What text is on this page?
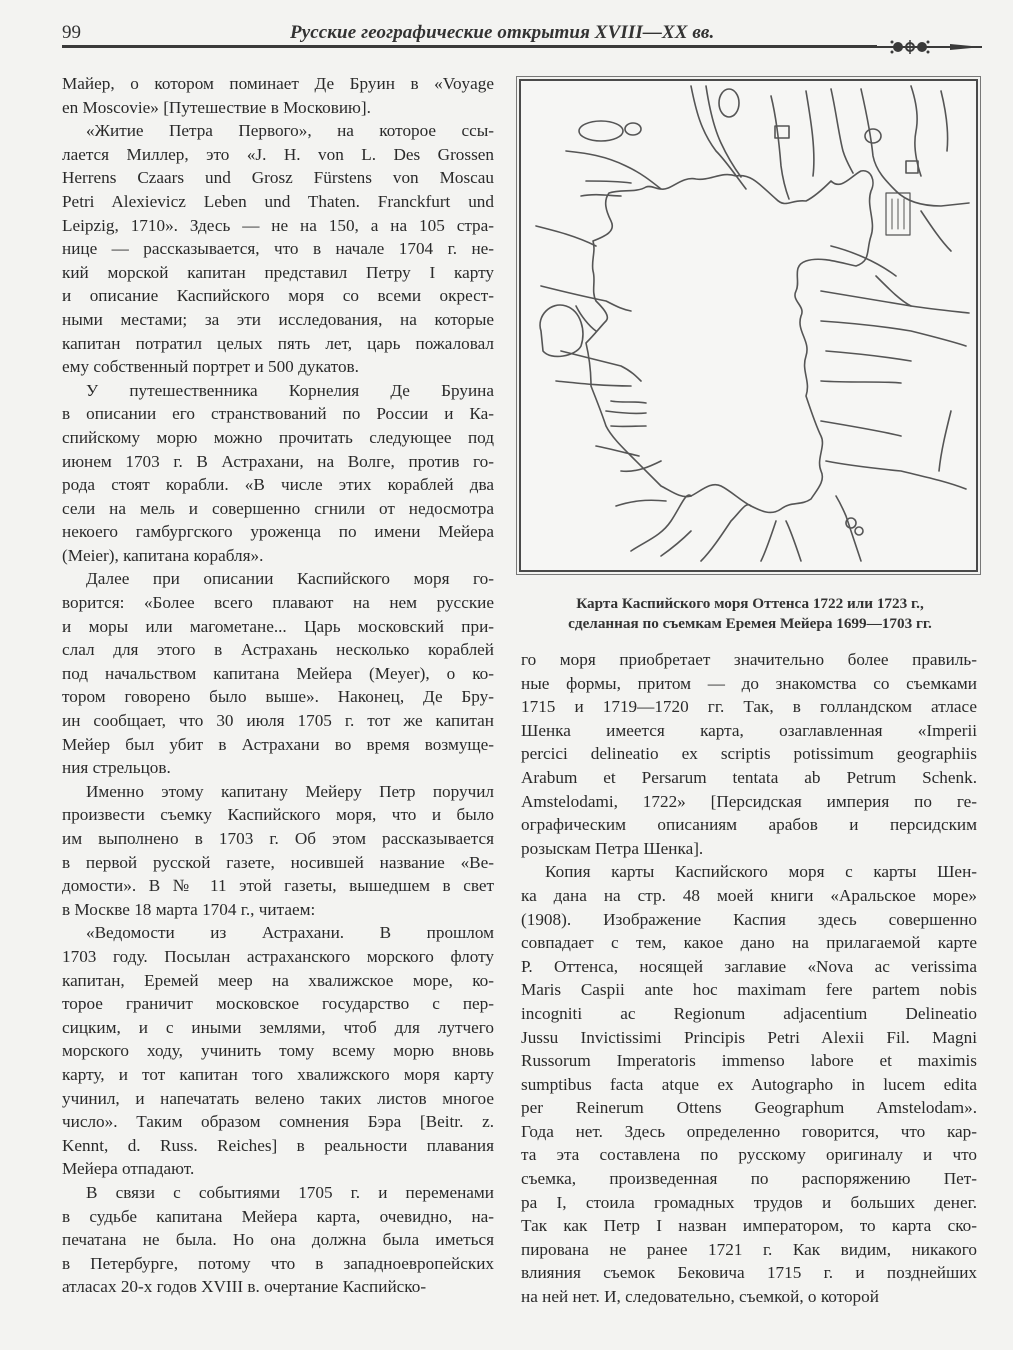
99	Русские географические открытия XVIII—XX вв.

Майер, о котором поминает Де Бруин в «Voyage
en Moscovie» [Путешествие в Московию].

«Житие Петра Первого», на которое ссы-
лается Миллер, это «J. H. von L. Des Grossen
Herrens Czaars und Grosz Fürstens von Moscau
Petri Alexievicz Leben und Thaten. Franckfurt und
Leipzig, 1710». Здесь — не на 150, а на 105 стра-
нице — рассказывается, что в начале 1704 г. не-
кий морской капитан представил Петру I карту
и описание Каспийского моря со всеми окрест-
ными местами; за эти исследования, на которые
капитан потратил целых пять лет, царь пожаловал
ему собственный портрет и 500 дукатов.

У путешественника Корнелия Де Бруина
в описании его странствований по России и Ка-
спийскому морю можно прочитать следующее под
июнем 1703 г. В Астрахани, на Волге, против го-
рода стоят корабли. «В числе этих кораблей два
сели на мель и совершенно сгнили от недосмотра
некоего гамбургского уроженца по имени Мейера
(Meier), капитана корабля».

Далее при описании Каспийского моря го-
ворится: «Более всего плавают на нем русские
и моры или магометане... Царь московский при-
слал для этого в Астрахань несколько кораблей
под начальством капитана Мейера (Meyer), о ко-
тором говорено было выше». Наконец, Де Бру-
ин сообщает, что 30 июля 1705 г. тот же капитан
Мейер был убит в Астрахани во время возмуще-
ния стрельцов.

Именно этому капитану Мейеру Петр поручил
произвести съемку Каспийского моря, что и было
им выполнено в 1703 г. Об этом рассказывается
в первой русской газете, носившей название «Ве-
домости». В № 11 этой газеты, вышедшем в свет
в Москве 18 марта 1704 г., читаем:

«Ведомости из Астрахани. В прошлом
1703 году. Посылан астраханского морского флоту
капитан, Еремей меер на хвалижское море, ко-
торое граничит московское государство с пер-
сицким, и с иными землями, чтоб для лутчего
морского ходу, учинить тому всему морю вновь
карту, и тот капитан того хвалижского моря карту
учинил, и напечатать велено таких листов многое
число». Таким образом сомнения Бэра [Beitr. z.
Kennt, d. Russ. Reiches] в реальности плавания
Мейера отпадают.

В связи с событиями 1705 г. и переменами
в судьбе капитана Мейера карта, очевидно, на-
печатана не была. Но она должна была иметься
в Петербурге, потому что в западноевропейских
атласах 20-х годов XVIII в. очертание Каспийско-

Карта Каспийского моря Оттенса 1722 или 1723 г.,
сделанная по съемкам Еремея Мейера 1699—1703 гг.

го моря приобретает значительно более правиль-
ные формы, притом — до знакомства со съемками
1715 и 1719—1720 гг. Так, в голландском атласе
Шенка имеется карта, озаглавленная «Imperii
percici delineatio ex scriptis potissimum geographiis
Arabum et Persarum tentata ab Petrum Schenk.
Amstelodami, 1722» [Персидская империя по ге-
ографическим описаниям арабов и персидским
розыскам Петра Шенка].

Копия карты Каспийского моря с карты Шен-
ка дана на стр. 48 моей книги «Аральское море»
(1908). Изображение Каспия здесь совершенно
совпадает с тем, какое дано на прилагаемой карте
Р. Оттенса, носящей заглавие «Nova ac verissima
Maris Caspii ante hoc maximam fere partem nobis
incogniti ac Regionum adjacentium Delineatio
Jussu Invictissimi Principis Petri Alexii Fil. Magni
Russorum Imperatoris immenso labore et maximis
sumptibus facta atque ex Autographo in lucem edita
per Reinerum Ottens Geographum Amstelodam».
Года нет. Здесь определенно говорится, что кар-
та эта составлена по русскому оригиналу и что
съемка, произведенная по распоряжению Пет-
ра I, стоила громадных трудов и больших денег.
Так как Петр I назван императором, то карта ско-
пирована не ранее 1721 г. Как видим, никакого
влияния съемок Бековича 1715 г. и позднейших
на ней нет. И, следовательно, съемкой, о которой
